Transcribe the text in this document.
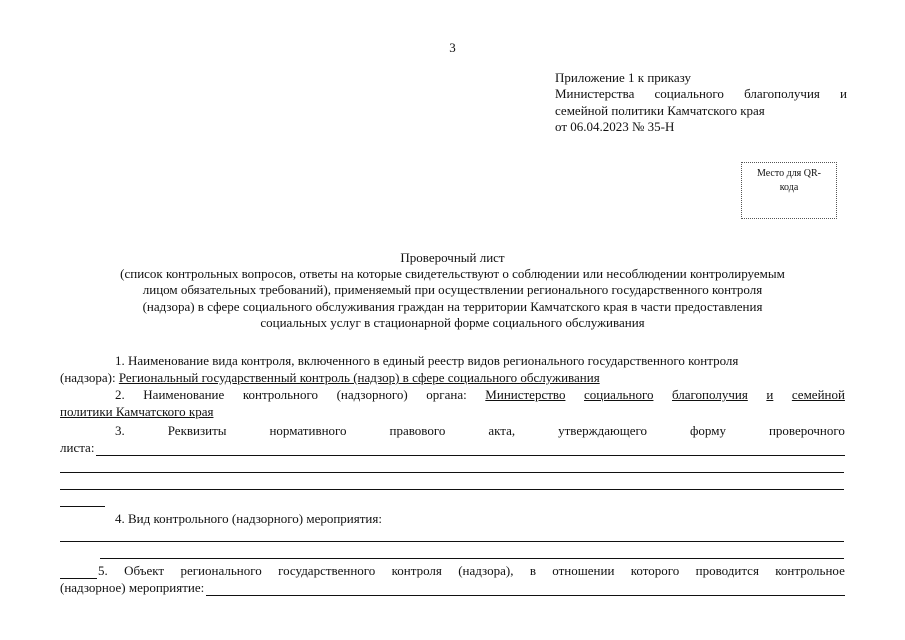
3
Приложение 1 к приказу
Министерства социального благополучия и
семейной политики Камчатского края
от 06.04.2023 № 35-Н
Место для QR-
кода
Проверочный лист
(список контрольных вопросов, ответы на которые свидетельствуют о соблюдении или несоблюдении контролируемым
лицом обязательных требований), применяемый при осуществлении регионального государственного контроля
(надзора) в сфере социального обслуживания граждан на территории Камчатского края в части предоставления
социальных услуг в стационарной форме социального обслуживания
1. Наименование вида контроля, включенного в единый реестр видов регионального государственного контроля
(надзора): Региональный государственный контроль (надзор) в сфере социального обслуживания
2. Наименование контрольного (надзорного) органа: Министерство социального благополучия и семейной
политики Камчатского края
3.	Реквизиты	нормативного	правового	акта,	утверждающего	форму	проверочного
листа:
4. Вид контрольного (надзорного) мероприятия:
5. Объект регионального государственного контроля (надзора), в отношении которого проводится контрольное
(надзорное) мероприятие:
